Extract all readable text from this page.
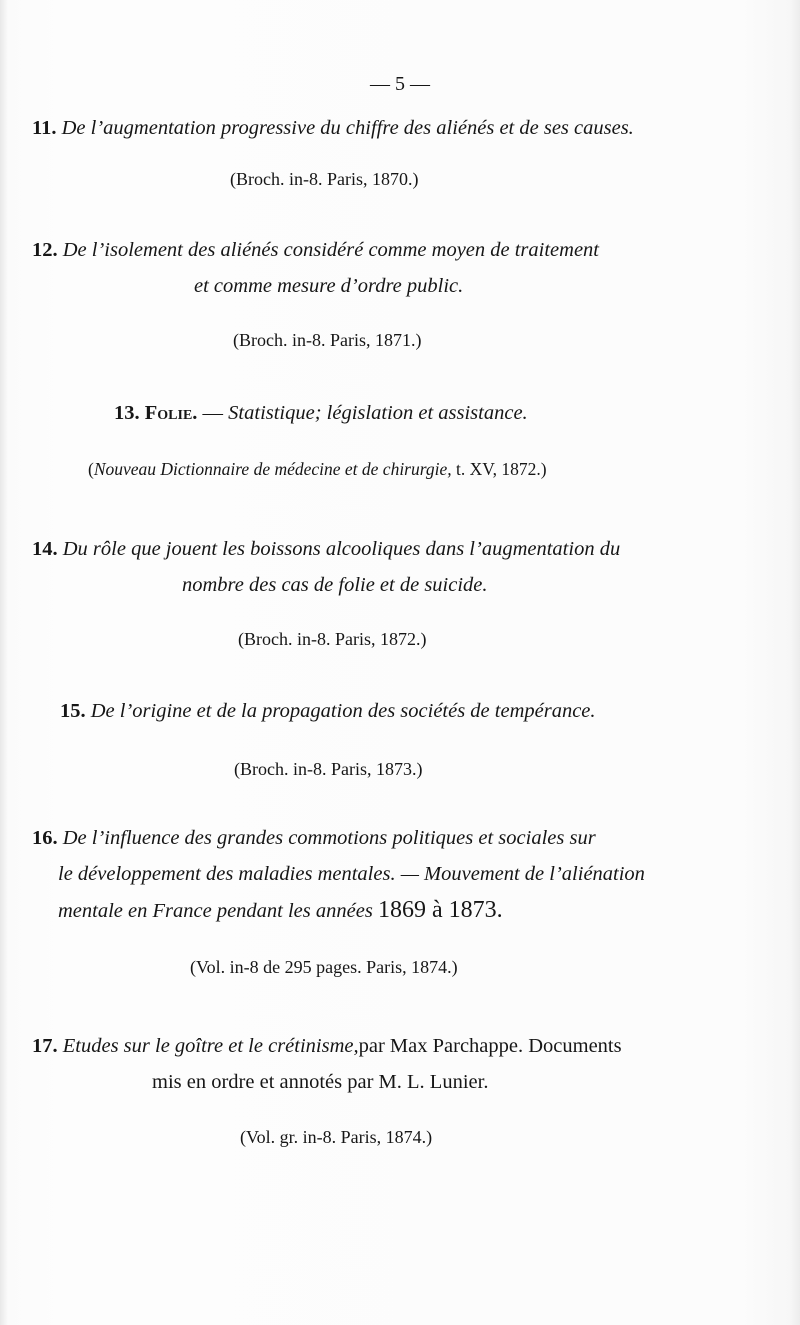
— 5 —
11. De l’augmentation progressive du chiffre des aliénés et de ses causes.
(Broch. in-8. Paris, 1870.)
12. De l’isolement des aliénés considéré comme moyen de traitement
et comme mesure d’ordre public.
(Broch. in-8. Paris, 1871.)
13. Folie. — Statistique; législation et assistance.
(Nouveau Dictionnaire de médecine et de chirurgie, t. XV, 1872.)
14. Du rôle que jouent les boissons alcooliques dans l’augmentation du
nombre des cas de folie et de suicide.
(Broch. in-8. Paris, 1872.)
15. De l’origine et de la propagation des sociétés de tempérance.
(Broch. in-8. Paris, 1873.)
16. De l’influence des grandes commotions politiques et sociales sur
le développement des maladies mentales. — Mouvement de l’aliénation
mentale en France pendant les années 1869 à 1873.
(Vol. in-8 de 295 pages. Paris, 1874.)
17. Etudes sur le goître et le crétinisme,par Max Parchappe. Documents
mis en ordre et annotés par M. L. Lunier.
(Vol. gr. in-8. Paris, 1874.)
